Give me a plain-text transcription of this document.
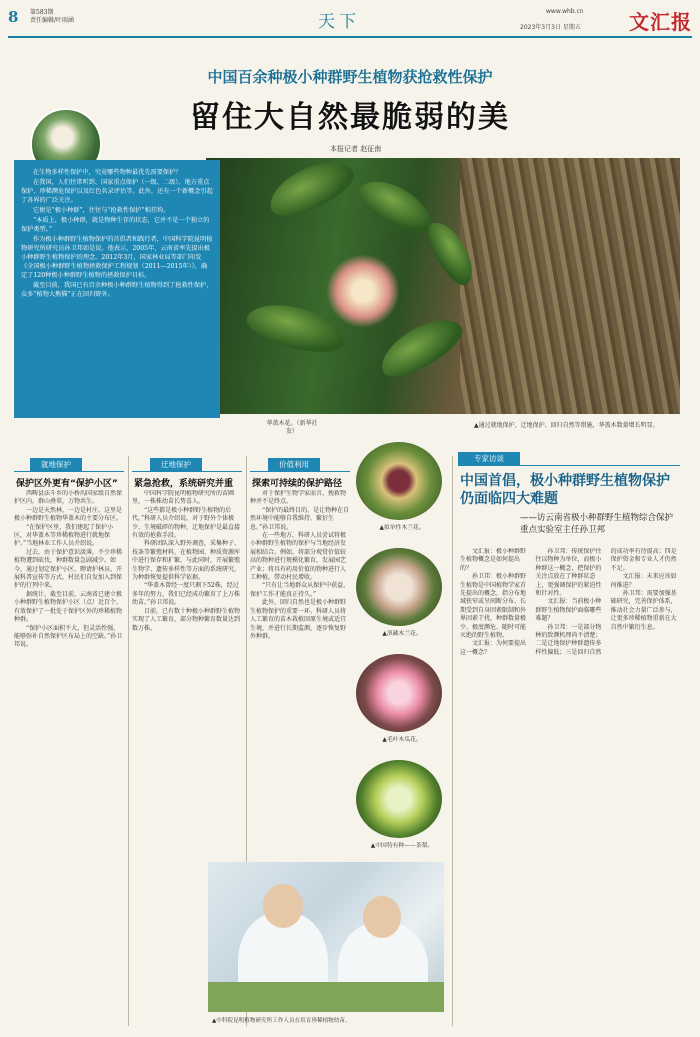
8 第583期
责任编辑/叶雨涵	天下
www.whb.cn
2023年3月3日 星期五 文汇报
中国百余种极小种群野生植物获抢救性保护
留住大自然最脆弱的美
本报记者 赵征南

在生物多样性保护中，究竟哪些物种最优先需要保护？

在我国，人们往常听到、国家重点保护（一级、二级）、地方重点保护、珍稀濒危保护以及红色名录评估等。此外，还有一个新概念引起了各界的广泛关注。

它便是“极小种群”，往往与“抢救性保护”相挂钩。

“本质上，极小种群，就是物种生存的状态，它并不是一个独立的保护类型。”

作为极小种群野生植物保护的首倡者和践行者，中国科学院昆明植物研究所研究员孙卫邦如是说。他表示，2005年，云南省率先提出极小种群野生植物保护的理念。2012年3月，国家林业局等部门印发《全国极小种群野生植物拯救保护工程规划（2011—2015年）》，确定了120种极小种群野生植物的拯救保护目标。

截至目前，我国已有百余种极小种群野生植物得到了抢救性保护，众多“植物大熊猫”正在回归野外。

华盖木花。（新华社发）
▲通过就地保护、迁地保护、回归自然等措施，华盖木数量增长明显。
就地保护
保护区外更有“保护小区”

西畴县法斗乡的小桥沟国家级自然保护区内，群山叠翠，万物共生。

一边是天然林，一边是村庄。这里是极小种群野生植物华盖木的主要分布区。

“在保护区里，我们建起了保护小区，对华盖木等珍稀植物进行就地保护。”当地林业工作人员介绍说。

过去，由于保护意识淡薄，不少珍稀植物遭到砍伐，种群数量急剧减少。如今，通过划定保护小区、聘请护林员、开展科普宣传等方式，村民们自发加入到保护的行列中来。

据统计，截至目前，云南省已建立极小种群野生植物保护小区（点）近百个，有效保护了一批处于保护区外的珍稀植物种群。

“保护小区面积不大，但灵活性强，能够弥补自然保护区布局上的空缺。”孙卫邦说。

迁地保护
紧急抢救，系统研究并重

中国科学院昆明植物研究所的苗圃里，一株株幼苗长势喜人。

“这些都是极小种群野生植物的后代。”科研人员介绍说，对于野外个体极少、生境破碎的物种，迁地保护是最直接有效的抢救手段。

科研团队深入野外调查，采集种子、枝条等繁殖材料，在植物园、种质资源库中进行保存和扩繁。与此同时，开展繁殖生物学、遗传多样性等方面的系统研究，为种群恢复提供科学依据。

“华盖木曾经一度只剩下52株，经过多年的努力，我们已经成功繁育了上万株幼苗。”孙卫邦说。

目前，已有数十种极小种群野生植物实现了人工繁育，部分物种繁育数量达到数万株。

价值利用
探索可持续的保护路径

对于保护生物学家而言，挽救物种并不是终点。

“保护的最终目的，是让物种在自然环境中能够自我维持、繁衍生息。”孙卫邦说。

在一些地方，科研人员尝试将极小种群野生植物的保护与当地经济发展相结合。例如，将部分观赏价值较高的物种进行规模化繁育，发展园艺产业；将具有药用价值的物种进行人工种植，带动村民增收。

“只有让当地群众从保护中获益，保护工作才能真正持久。”

此外，回归自然也是极小种群野生植物保护的重要一环。科研人员将人工繁育的苗木栽植回原生境或适宜生境，并进行长期监测，逐步恢复野外种群。

▲拟单性木兰花。
▲滇藏木兰花。
▲毛叶木瓜花。
▲中国特有种——茶梨。
专家访谈
中国首倡，极小种群野生植物保护仍面临四大难题
——访云南省极小种群野生植物综合保护重点实验室主任孙卫邦

文汇报：极小种群野生植物概念是如何提出的？

孙卫邦：极小种群野生植物是中国植物学家首先提出的概念，指分布地域狭窄或呈间断分布、长期受到自身因素限制和外界因素干扰，种群数量极少、极度濒危、随时可能灭绝的野生植物。

文汇报：为何要提出这一概念？

孙卫邦：传统保护往往以物种为单位，而极小种群这一概念，把保护的关注点放在了种群状态上，更强调保护的紧迫性和针对性。

文汇报：当前极小种群野生植物保护面临哪些难题？

孙卫邦：一是部分物种的致濒机理尚不清楚；二是迁地保护种群遗传多样性偏低；三是回归自然的成功率有待提高；四是保护资金和专业人才仍然不足。

文汇报：未来应该如何推进？

孙卫邦：需要加强基础研究，完善保护体系，推动社会力量广泛参与，让更多珍稀植物重新在大自然中繁衍生息。

▲中科院昆明植物研究所工作人员在培育珍稀植物幼苗。
